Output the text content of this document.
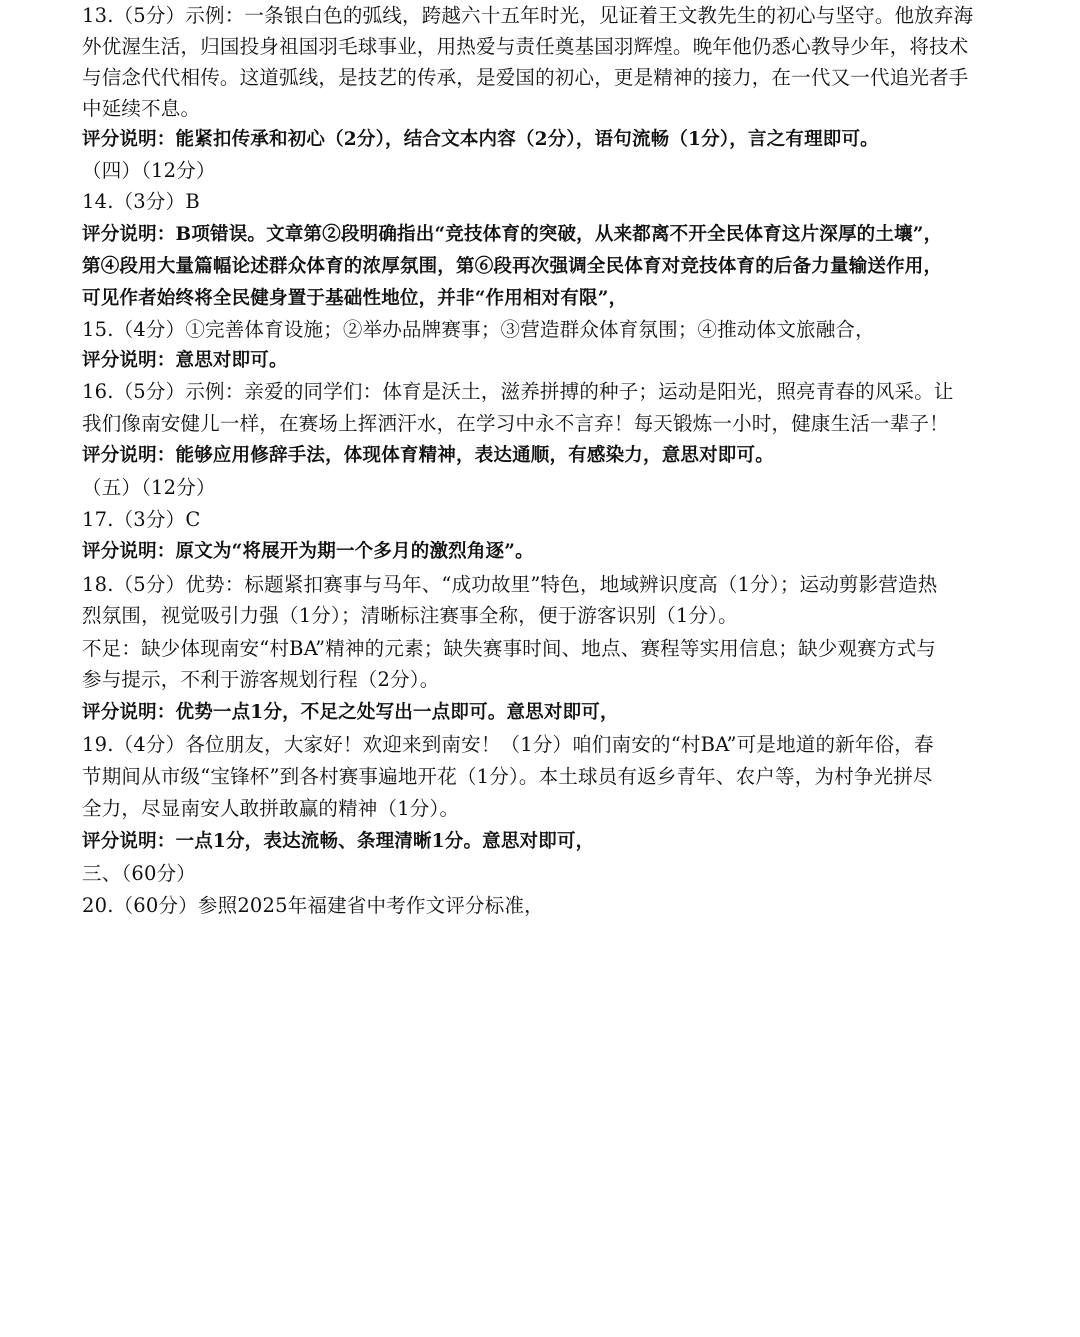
13.（5分）示例：一条银白色的弧线，跨越六十五年时光，见证着王文教先生的初心与坚守。他放弃海
外优渥生活，归国投身祖国羽毛球事业，用热爱与责任奠基国羽辉煌。晚年他仍悉心教导少年，将技术
与信念代代相传。这道弧线，是技艺的传承，是爱国的初心，更是精神的接力，在一代又一代追光者手
中延续不息。
评分说明：能紧扣传承和初心（2分），结合文本内容（2分），语句流畅（1分），言之有理即可。
（四）（12分）
14.（3分）B
评分说明：B项错误。文章第②段明确指出“竞技体育的突破，从来都离不开全民体育这片深厚的土壤”，
第④段用大量篇幅论述群众体育的浓厚氛围，第⑥段再次强调全民体育对竞技体育的后备力量输送作用，
可见作者始终将全民健身置于基础性地位，并非“作用相对有限”，
15.（4分）①完善体育设施；②举办品牌赛事；③营造群众体育氛围；④推动体文旅融合，
评分说明：意思对即可。
16.（5分）示例：亲爱的同学们：体育是沃土，滋养拼搏的种子；运动是阳光，照亮青春的风采。让
我们像南安健儿一样，在赛场上挥洒汗水，在学习中永不言弃！每天锻炼一小时，健康生活一辈子！
评分说明：能够应用修辞手法，体现体育精神，表达通顺，有感染力，意思对即可。
（五）（12分）
17.（3分）C
评分说明：原文为“将展开为期一个多月的激烈角逐”。
18.（5分）优势：标题紧扣赛事与马年、“成功故里”特色，地域辨识度高（1分）；运动剪影营造热
烈氛围，视觉吸引力强（1分）；清晰标注赛事全称，便于游客识别（1分）。
不足：缺少体现南安“村BA”精神的元素；缺失赛事时间、地点、赛程等实用信息；缺少观赛方式与
参与提示，不利于游客规划行程（2分）。
评分说明：优势一点1分，不足之处写出一点即可。意思对即可，
19.（4分）各位朋友，大家好！欢迎来到南安！（1分）咱们南安的“村BA”可是地道的新年俗，春
节期间从市级“宝锋杯”到各村赛事遍地开花（1分）。本土球员有返乡青年、农户等，为村争光拼尽
全力，尽显南安人敢拼敢赢的精神（1分）。
评分说明：一点1分，表达流畅、条理清晰1分。意思对即可，
三、（60分）
20.（60分）参照2025年福建省中考作文评分标准，
